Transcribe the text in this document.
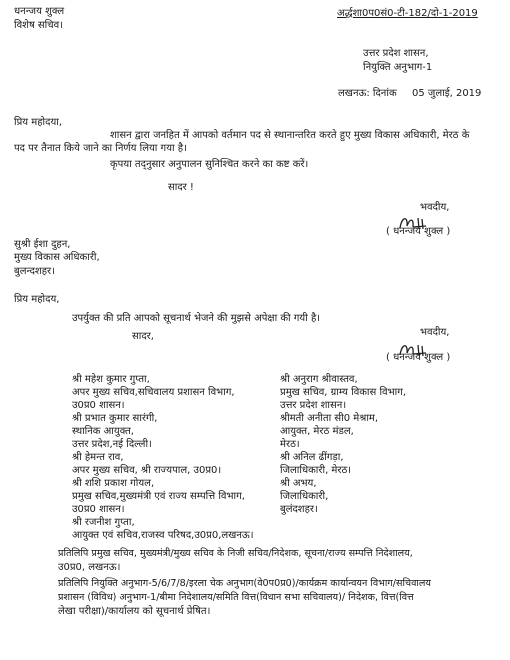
धनन्जय शुक्ल
विशेष सचिव।
अर्द्धशा0प0सं0-टी-182/दो-1-2019
उत्तर प्रदेश शासन,
नियुक्ति अनुभाग-1
लखनऊ: दिनांक 05 जुलाई, 2019
प्रिय महोदया,
शासन द्वारा जनहित में आपको वर्तमान पद से स्थानान्तरित करते हुए मुख्य विकास अधिकारी, मेरठ के
पद पर तैनात किये जाने का निर्णय लिया गया है।
कृपया तद्नुसार अनुपालन सुनिश्चित करने का कष्ट करें।
सादर !
भवदीय,
( धनन्जय शुक्ल )
सुश्री ईशा दुहन,
मुख्य विकास अधिकारी,
बुलन्दशहर।
प्रिय महोदय,
उपर्युक्त की प्रति आपको सूचनार्थ भेजने की मुझसे अपेक्षा की गयी है।
सादर,	भवदीय,
( धनन्जय शुक्ल )
श्री महेश कुमार गुप्ता,
अपर मुख्य सचिव,सचिवालय प्रशासन विभाग,
उ0प्र0 शासन।
श्री प्रभात कुमार सारंगी,
स्थानिक आयुक्त,
उत्तर प्रदेश,नई दिल्ली।
श्री हेमन्त राव,
अपर मुख्य सचिव, श्री राज्यपाल, उ0प्र0।
श्री शशि प्रकाश गोयल,
प्रमुख सचिव,मुख्यमंत्री एवं राज्य सम्पत्ति विभाग,
उ0प्र0 शासन।
श्री रजनीश गुप्ता,
आयुक्त एवं सचिव,राजस्व परिषद,उ0प्र0,लखनऊ।
श्री अनुराग श्रीवास्तव,
प्रमुख सचिव, ग्राम्य विकास विभाग,
उत्तर प्रदेश शासन।
श्रीमती अनीता सी0 मेश्राम,
आयुक्त, मेरठ मंडल,
मेरठ।
श्री अनिल ढींगड़ा,
जिलाधिकारी, मेरठ।
श्री अभय,
जिलाधिकारी,
बुलंदशहर।
प्रतिलिपि प्रमुख सचिव, मुख्यमंत्री/मुख्य सचिव के निजी सचिव/निदेशक, सूचना/राज्य सम्पत्ति निदेशालय,
उ0प्र0, लखनऊ।
प्रतिलिपि नियुक्ति अनुभाग-5/6/7/8/इरला चेक अनुभाग(वे0प0प्र0)/कार्यक्रम कार्यान्वयन विभाग/सचिवालय
प्रशासन (विविध) अनुभाग-1/बीमा निदेशालय/समिति वित्त(विधान सभा सचिवालय)/ निदेशक, वित्त(वित्त
लेखा परीक्षा)/कार्यालय को सूचनार्थ प्रेषित।
